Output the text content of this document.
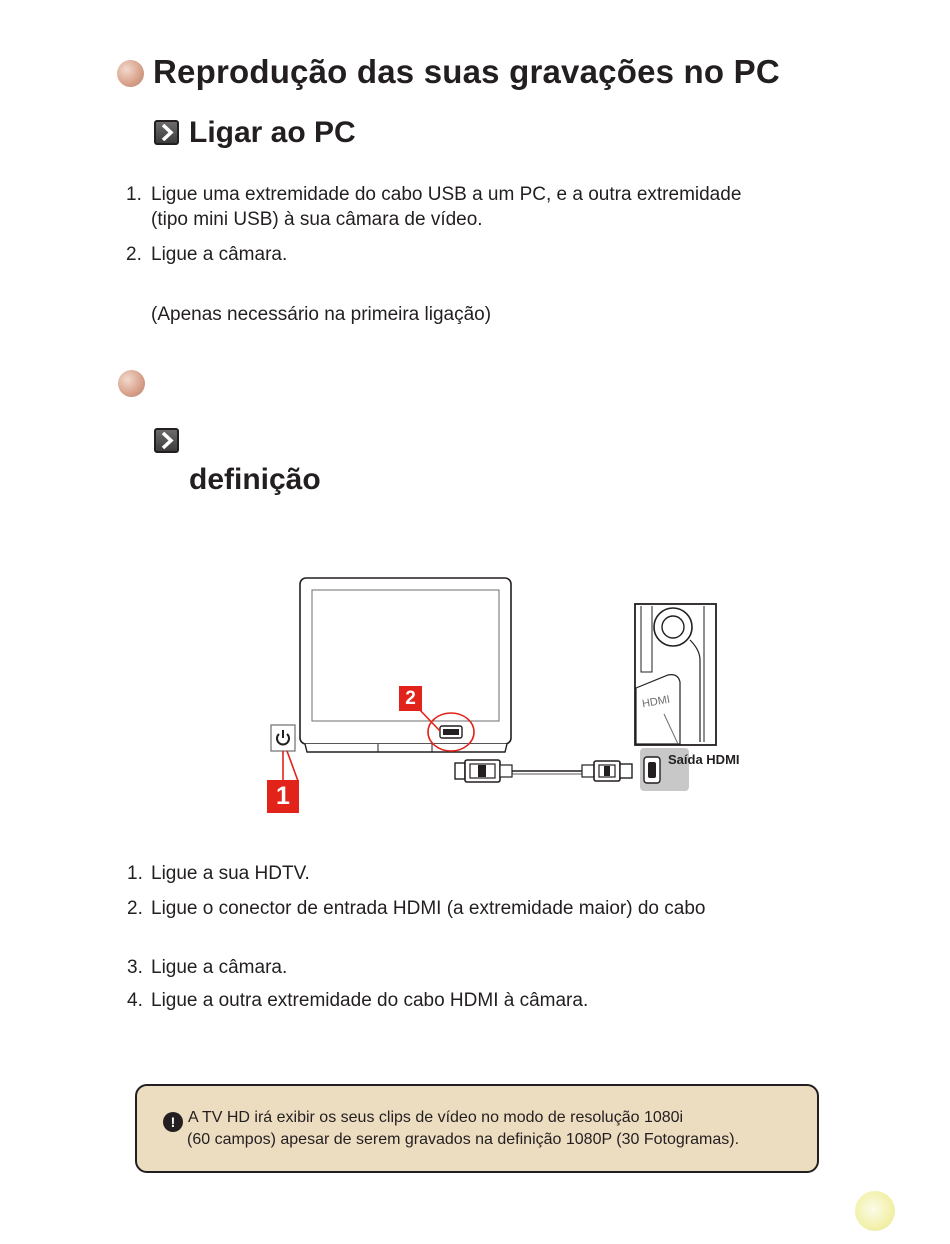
Reprodução das suas gravações no PC
Ligar ao PC
1. Ligue uma extremidade do cabo USB a um PC, e a outra extremidade
(tipo mini USB) à sua câmara de vídeo.
2. Ligue a câmara.
(Apenas necessário na primeira ligação)
definição
HDMI
2
1
Saída HDMI
1. Ligue a sua HDTV.
2. Ligue o conector de entrada HDMI (a extremidade maior) do cabo
3. Ligue a câmara.
4. Ligue a outra extremidade do cabo HDMI à câmara.
! A TV HD irá exibir os seus clips de vídeo no modo de resolução 1080i
(60 campos) apesar de serem gravados na definição 1080P (30 Fotogramas).
